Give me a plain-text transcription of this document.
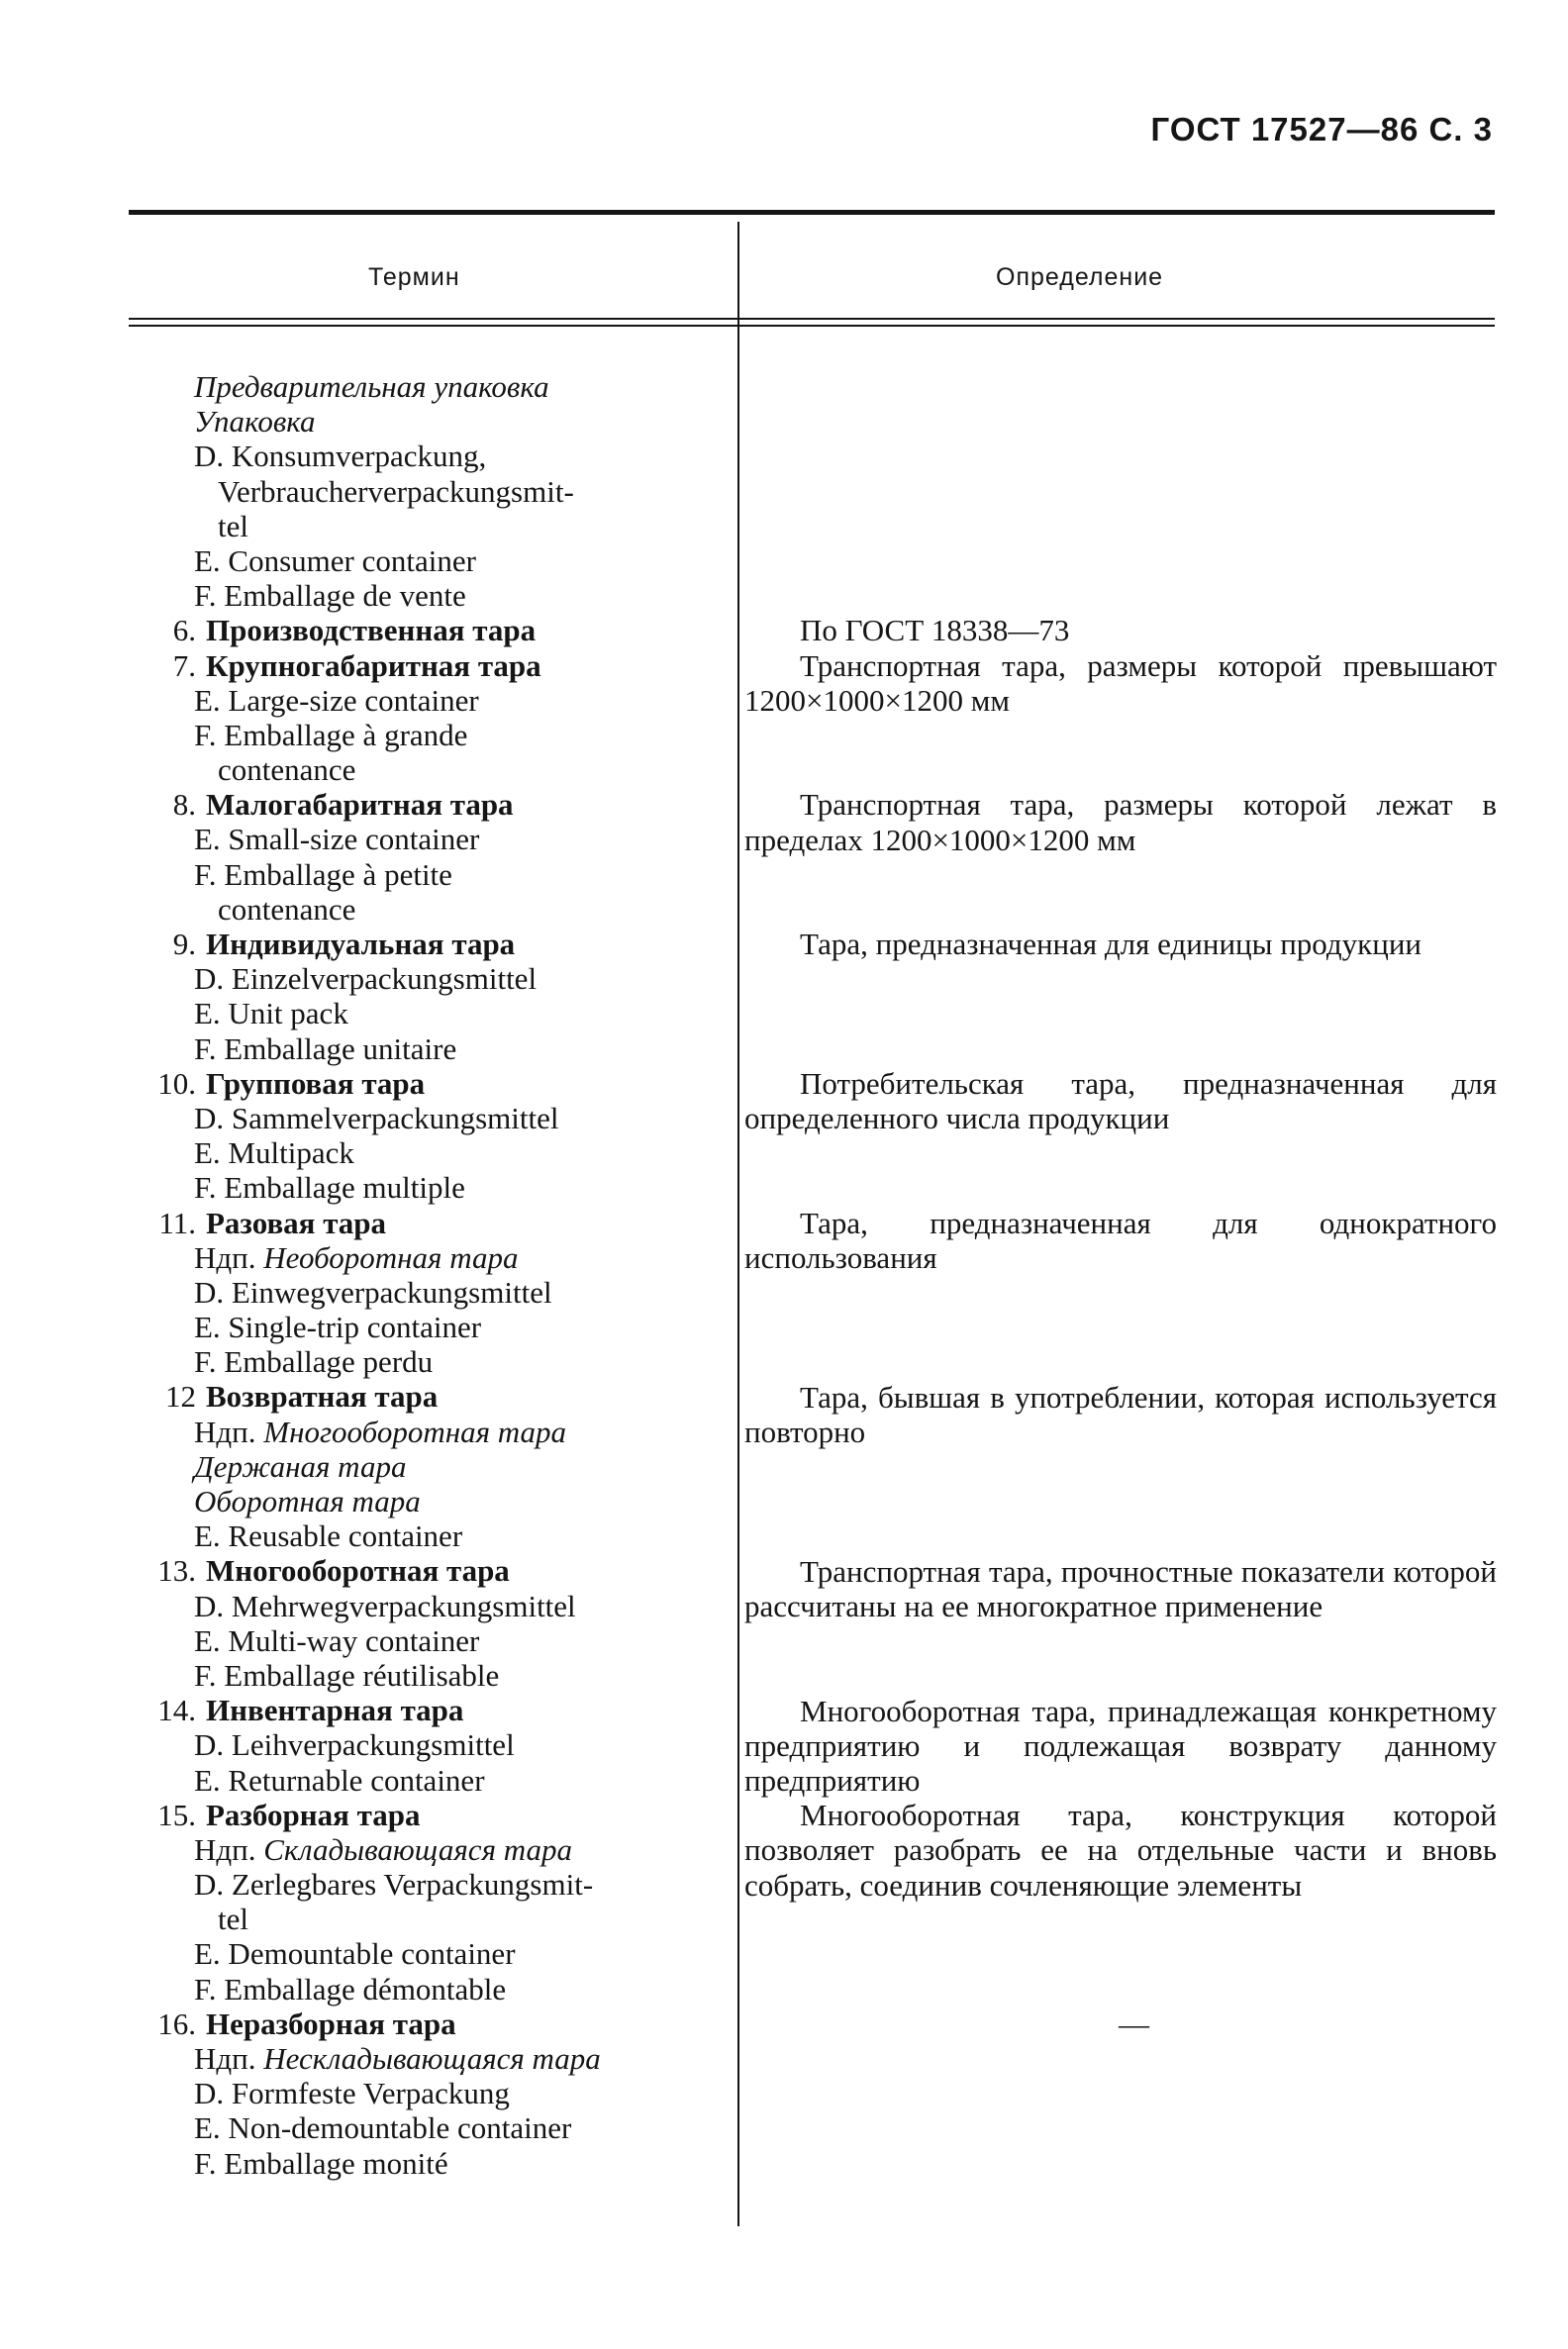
ГОСТ 17527—86 С. 3
Термин	Определение
Предварительная упаковка
Упаковка
D. Konsumverpackung,
Verbraucherverpackungsmit-
tel
E. Consumer container
F. Emballage de vente
6. Производственная тара
7. Крупногабаритная тара
E. Large-size container
F. Emballage à grande
contenance
8. Малогабаритная тара
E. Small-size container
F. Emballage à petite
contenance
9. Индивидуальная тара
D. Einzelverpackungsmittel
E. Unit pack
F. Emballage unitaire
10. Групповая тара
D. Sammelverpackungsmittel
E. Multipack
F. Emballage multiple
11. Разовая тара
Ндп. Необоротная тара
D. Einwegverpackungsmittel
E. Single-trip container
F. Emballage perdu
12 Возвратная тара
Ндп. Многооборотная тара
Держаная тара
Оборотная тара
E. Reusable container
13. Многооборотная тара
D. Mehrwegverpackungsmittel
E. Multi-way container
F. Emballage réutilisable
14. Инвентарная тара
D. Leihverpackungsmittel
E. Returnable container
15. Разборная тара
Ндп. Складывающаяся тара
D. Zerlegbares Verpackungsmit-
tel
E. Demountable container
F. Emballage démontable
16. Неразборная тара
Ндп. Нескладывающаяся тара
D. Formfeste Verpackung
E. Non-demountable container
F. Emballage monité

По ГОСТ 18338—73

Транспортная тара, размеры которой превышают 1200×1000×1200 мм

Транспортная тара, размеры которой лежат в пределах 1200×1000×1200 мм

Тара, предназначенная для единицы продукции

Потребительская тара, предназначенная для определенного числа продукции

Тара, предназначенная для однократного использования

Тара, бывшая в употреблении, которая используется повторно

Транспортная тара, прочностные показатели которой рассчитаны на ее многократное применение

Многооборотная тара, принадлежащая конкретному предприятию и подлежащая возврату данному предприятию

Многооборотная тара, конструкция которой позволяет разобрать ее на отдельные части и вновь собрать, соединив сочленяющие элементы

—
